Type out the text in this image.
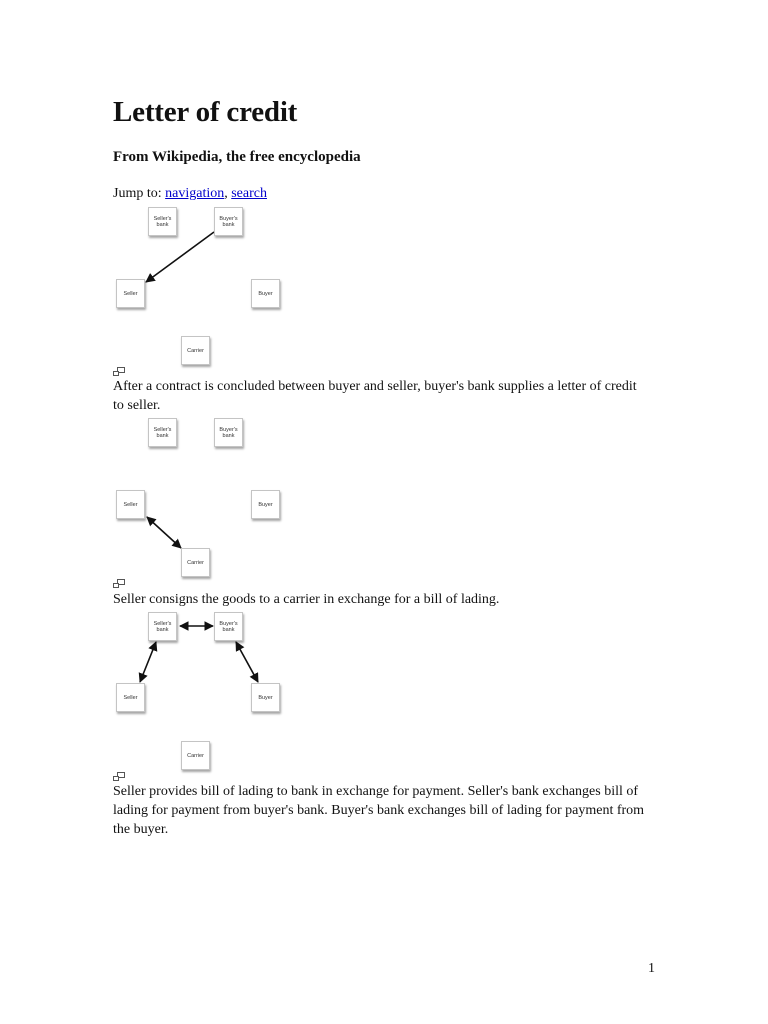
Letter of credit
From Wikipedia, the free encyclopedia
Jump to: navigation, search
Seller's bank
Buyer's bank
Seller	Buyer
Carrier

After a contract is concluded between buyer and seller, buyer's bank supplies a letter of credit to seller.

Seller's bank
Buyer's bank
Seller	Buyer
Carrier

Seller consigns the goods to a carrier in exchange for a bill of lading.

Seller's bank
Buyer's bank
Seller	Buyer
Carrier

Seller provides bill of lading to bank in exchange for payment. Seller's bank exchanges bill of lading for payment from buyer's bank. Buyer's bank exchanges bill of lading for payment from the buyer.

1
